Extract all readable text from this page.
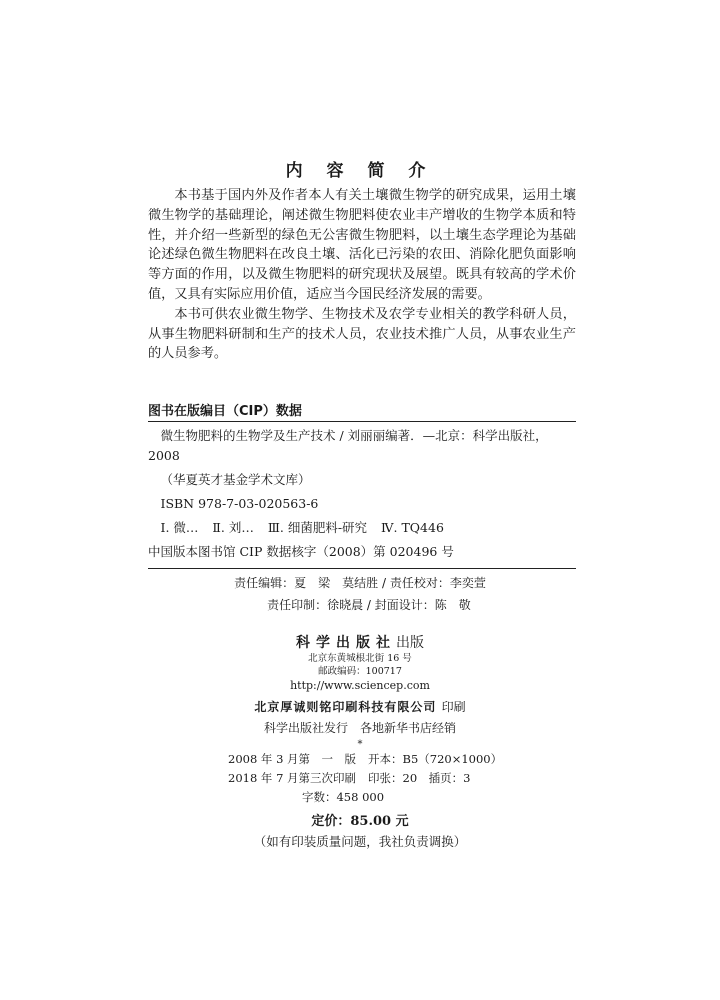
内 容 简 介

本书基于国内外及作者本人有关土壤微生物学的研究成果，运用土壤微生物学的基础理论，阐述微生物肥料使农业丰产增收的生物学本质和特性，并介绍一些新型的绿色无公害微生物肥料，以土壤生态学理论为基础论述绿色微生物肥料在改良土壤、活化已污染的农田、消除化肥负面影响等方面的作用，以及微生物肥料的研究现状及展望。既具有较高的学术价值，又具有实际应用价值，适应当今国民经济发展的需要。

本书可供农业微生物学、生物技术及农学专业相关的教学科研人员，从事生物肥料研制和生产的技术人员，农业技术推广人员，从事农业生产的人员参考。

图书在版编目（CIP）数据
微生物肥料的生物学及生产技术 / 刘丽丽编著．—北京：科学出版社，
2008
（华夏英才基金学术文库）
ISBN 978-7-03-020563-6
Ⅰ. 微… Ⅱ. 刘… Ⅲ. 细菌肥料-研究 Ⅳ. TQ446
中国版本图书馆 CIP 数据核字（2008）第 020496 号
责任编辑：夏　梁　莫结胜 / 责任校对：李奕萱
责任印制：徐晓晨 / 封面设计：陈　敬
科学出版社出版
北京东黄城根北街 16 号
邮政编码：100717
http://www.sciencep.com
北京厚诚则铭印刷科技有限公司 印刷
科学出版社发行　各地新华书店经销
*
2008 年 3 月第　一　版	开本：B5（720×1000）
2018 年 7 月第三次印刷	印张：20　插页：3
字数：458 000
定价：85.00 元
（如有印装质量问题，我社负责调换）
